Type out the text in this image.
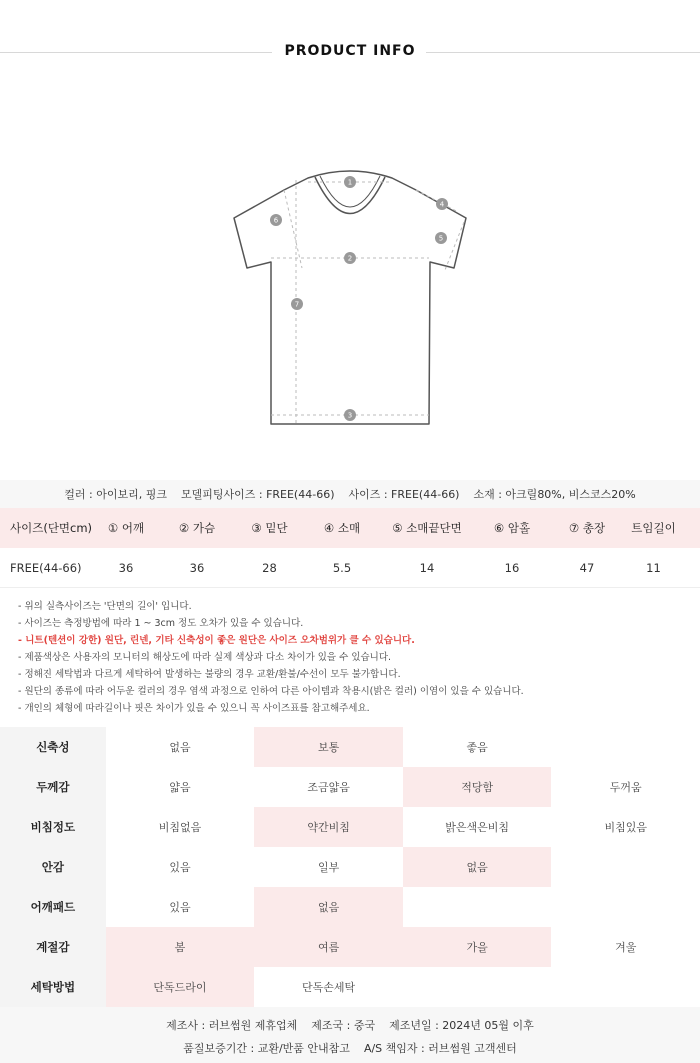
PRODUCT INFO
1
2
3
4
5
6
7
컬러 : 아이보리, 핑크 모델피팅사이즈 : FREE(44-66) 사이즈 : FREE(44-66) 소재 : 아크릴80%, 비스코스20%
사이즈(단면cm)	① 어깨	② 가슴	③ 밑단	④ 소매	⑤ 소매끝단면	⑥ 암홀	⑦ 총장	트임길이
FREE(44-66)	36	36	28	5.5	14	16	47	11
- 위의 실측사이즈는 '단면의 길이' 입니다.
- 사이즈는 측정방법에 따라 1 ~ 3cm 정도 오차가 있을 수 있습니다.
- 니트(텐션이 강한) 원단, 린넨, 기타 신축성이 좋은 원단은 사이즈 오차범위가 클 수 있습니다.
- 제품색상은 사용자의 모니터의 해상도에 따라 실제 색상과 다소 차이가 있을 수 있습니다.
- 정해진 세탁법과 다르게 세탁하여 발생하는 불량의 경우 교환/환불/수선이 모두 불가합니다.
- 원단의 종류에 따라 어두운 컬러의 경우 염색 과정으로 인하여 다른 아이템과 착용시(밝은 컬러) 이염이 있을 수 있습니다.
- 개인의 체형에 따라길이나 핏은 차이가 있을 수 있으니 꼭 사이즈표를 참고해주세요.
신축성	없음	보통	좋음
두께감	얇음	조금얇음	적당함	두꺼움
비침정도	비침없음	약간비침	밝은색은비침	비침있음
안감	있음	일부	없음
어깨패드	있음	없음
계절감	봄	여름	가을	겨울
세탁방법	단독드라이	단독손세탁
제조사 : 러브썸원 제휴업체 제조국 : 중국 제조년일 : 2024년 05월 이후
품질보증기간 : 교환/반품 안내참고 A/S 책임자 : 러브썸원 고객센터
